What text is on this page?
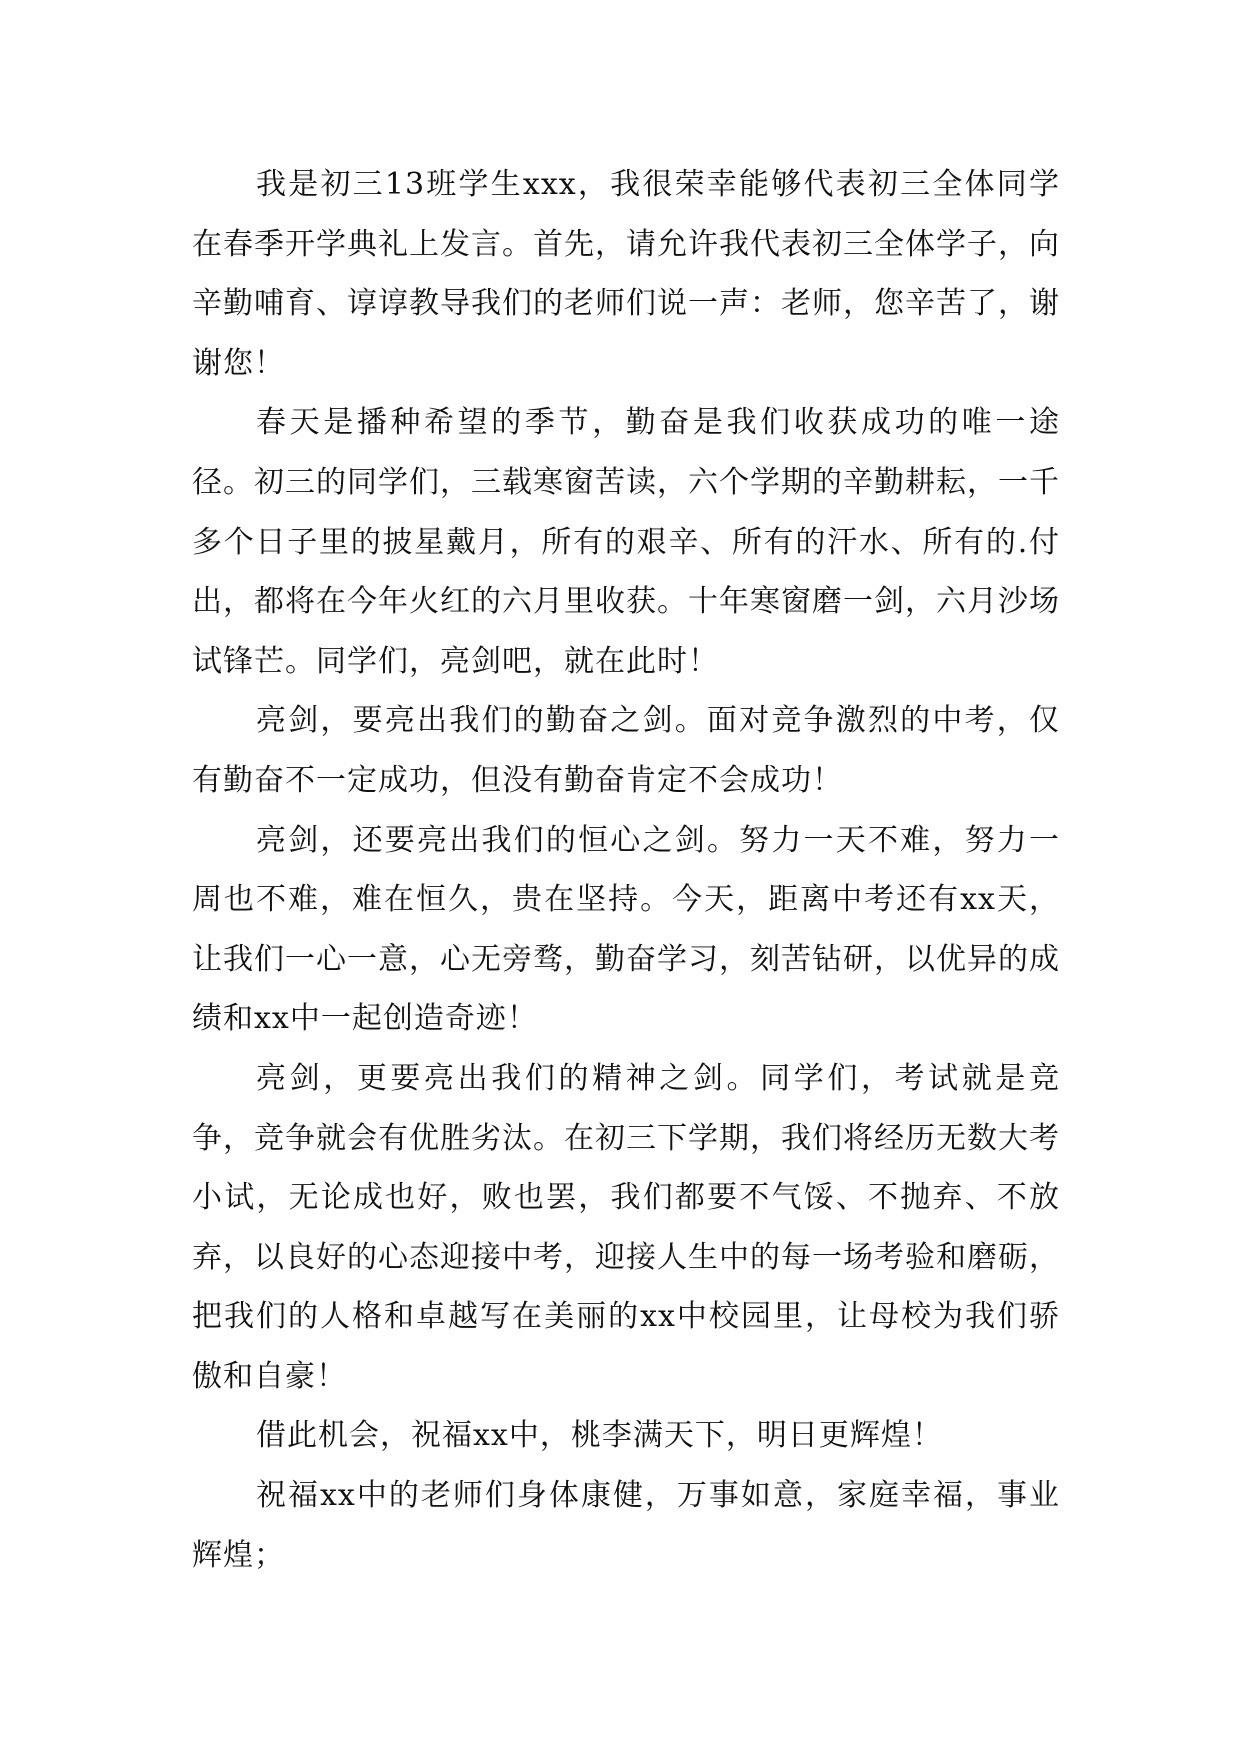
我是初三13班学生xxx，我很荣幸能够代表初三全体同学在春季开学典礼上发言。首先，请允许我代表初三全体学子，向辛勤哺育、谆谆教导我们的老师们说一声：老师，您辛苦了，谢谢您！

春天是播种希望的季节，勤奋是我们收获成功的唯一途径。初三的同学们，三载寒窗苦读，六个学期的辛勤耕耘，一千多个日子里的披星戴月，所有的艰辛、所有的汗水、所有的.付出，都将在今年火红的六月里收获。十年寒窗磨一剑，六月沙场试锋芒。同学们，亮剑吧，就在此时！

亮剑，要亮出我们的勤奋之剑。面对竞争激烈的中考，仅有勤奋不一定成功，但没有勤奋肯定不会成功！

亮剑，还要亮出我们的恒心之剑。努力一天不难，努力一周也不难，难在恒久，贵在坚持。今天，距离中考还有xx天，让我们一心一意，心无旁骛，勤奋学习，刻苦钻研，以优异的成绩和xx中一起创造奇迹！

亮剑，更要亮出我们的精神之剑。同学们，考试就是竞争，竞争就会有优胜劣汰。在初三下学期，我们将经历无数大考小试，无论成也好，败也罢，我们都要不气馁、不抛弃、不放弃，以良好的心态迎接中考，迎接人生中的每一场考验和磨砺，把我们的人格和卓越写在美丽的xx中校园里，让母校为我们骄傲和自豪！

借此机会，祝福xx中，桃李满天下，明日更辉煌！

祝福xx中的老师们身体康健，万事如意，家庭幸福，事业辉煌；
